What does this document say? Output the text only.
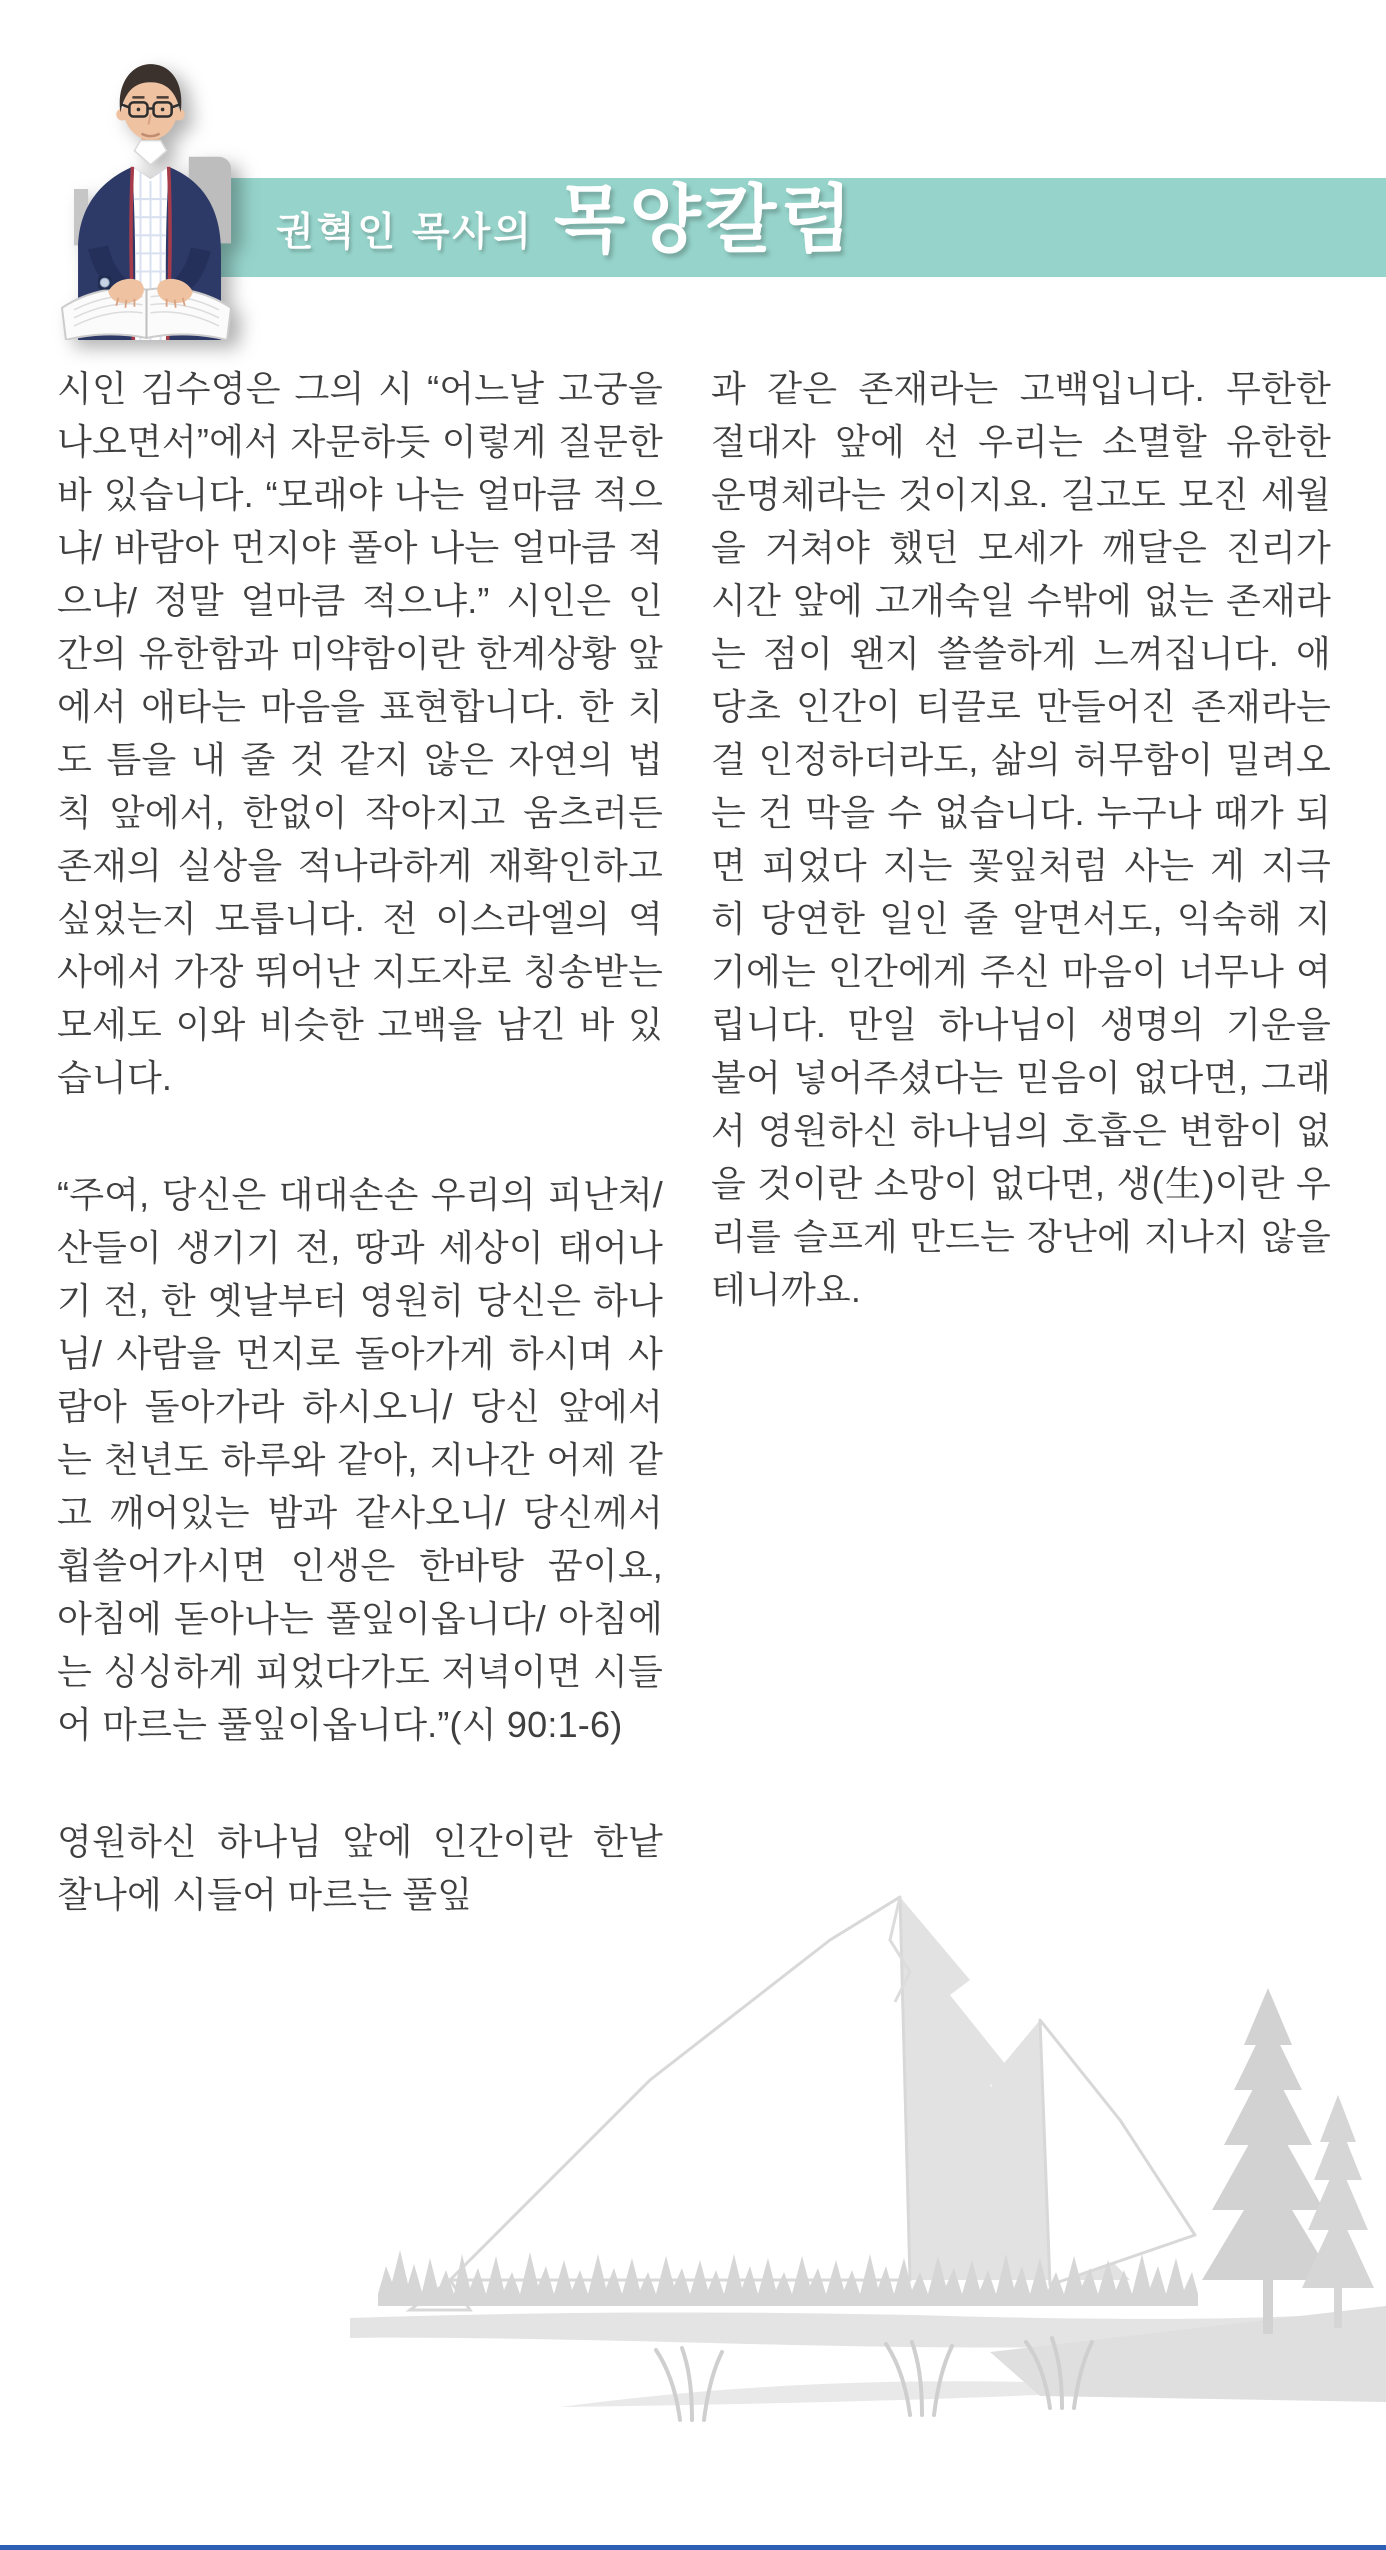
권혁인 목사의 목양칼럼

시인 김수영은 그의 시 “어느날 고궁을 나오면서”에서 자문하듯 이렇게 질문한 바 있습니다. “모래야 나는 얼마큼 적으냐/ 바람아 먼지야 풀아 나는 얼마큼 적으냐/ 정말 얼마큼 적으냐.” 시인은 인간의 유한함과 미약함이란 한계상황 앞에서 애타는 마음을 표현합니다. 한 치도 틈을 내 줄 것 같지 않은 자연의 법칙 앞에서, 한없이 작아지고 움츠러든 존재의 실상을 적나라하게 재확인하고 싶었는지 모릅니다. 전 이스라엘의 역사에서 가장 뛰어난 지도자로 칭송받는 모세도 이와 비슷한 고백을 남긴 바 있습니다.

“주여, 당신은 대대손손 우리의 피난처/ 산들이 생기기 전, 땅과 세상이 태어나기 전, 한 옛날부터 영원히 당신은 하나님/ 사람을 먼지로 돌아가게 하시며 사람아 돌아가라 하시오니/ 당신 앞에서는 천년도 하루와 같아, 지나간 어제 같고 깨어있는 밤과 같사오니/ 당신께서 휩쓸어가시면 인생은 한바탕 꿈이요, 아침에 돋아나는 풀잎이옵니다/ 아침에는 싱싱하게 피었다가도 저녁이면 시들어 마르는 풀잎이옵니다.”(시 90:1-6)

영원하신 하나님 앞에 인간이란 한낱 찰나에 시들어 마르는 풀잎

과 같은 존재라는 고백입니다. 무한한 절대자 앞에 선 우리는 소멸할 유한한 운명체라는 것이지요. 길고도 모진 세월을 거쳐야 했던 모세가 깨달은 진리가 시간 앞에 고개숙일 수밖에 없는 존재라는 점이 왠지 쓸쓸하게 느껴집니다. 애당초 인간이 티끌로 만들어진 존재라는 걸 인정하더라도, 삶의 허무함이 밀려오는 건 막을 수 없습니다. 누구나 때가 되면 피었다 지는 꽃잎처럼 사는 게 지극히 당연한 일인 줄 알면서도, 익숙해 지기에는 인간에게 주신 마음이 너무나 여립니다. 만일 하나님이 생명의 기운을 불어 넣어주셨다는 믿음이 없다면, 그래서 영원하신 하나님의 호흡은 변함이 없을 것이란 소망이 없다면, 생(生)이란 우리를 슬프게 만드는 장난에 지나지 않을테니까요.
